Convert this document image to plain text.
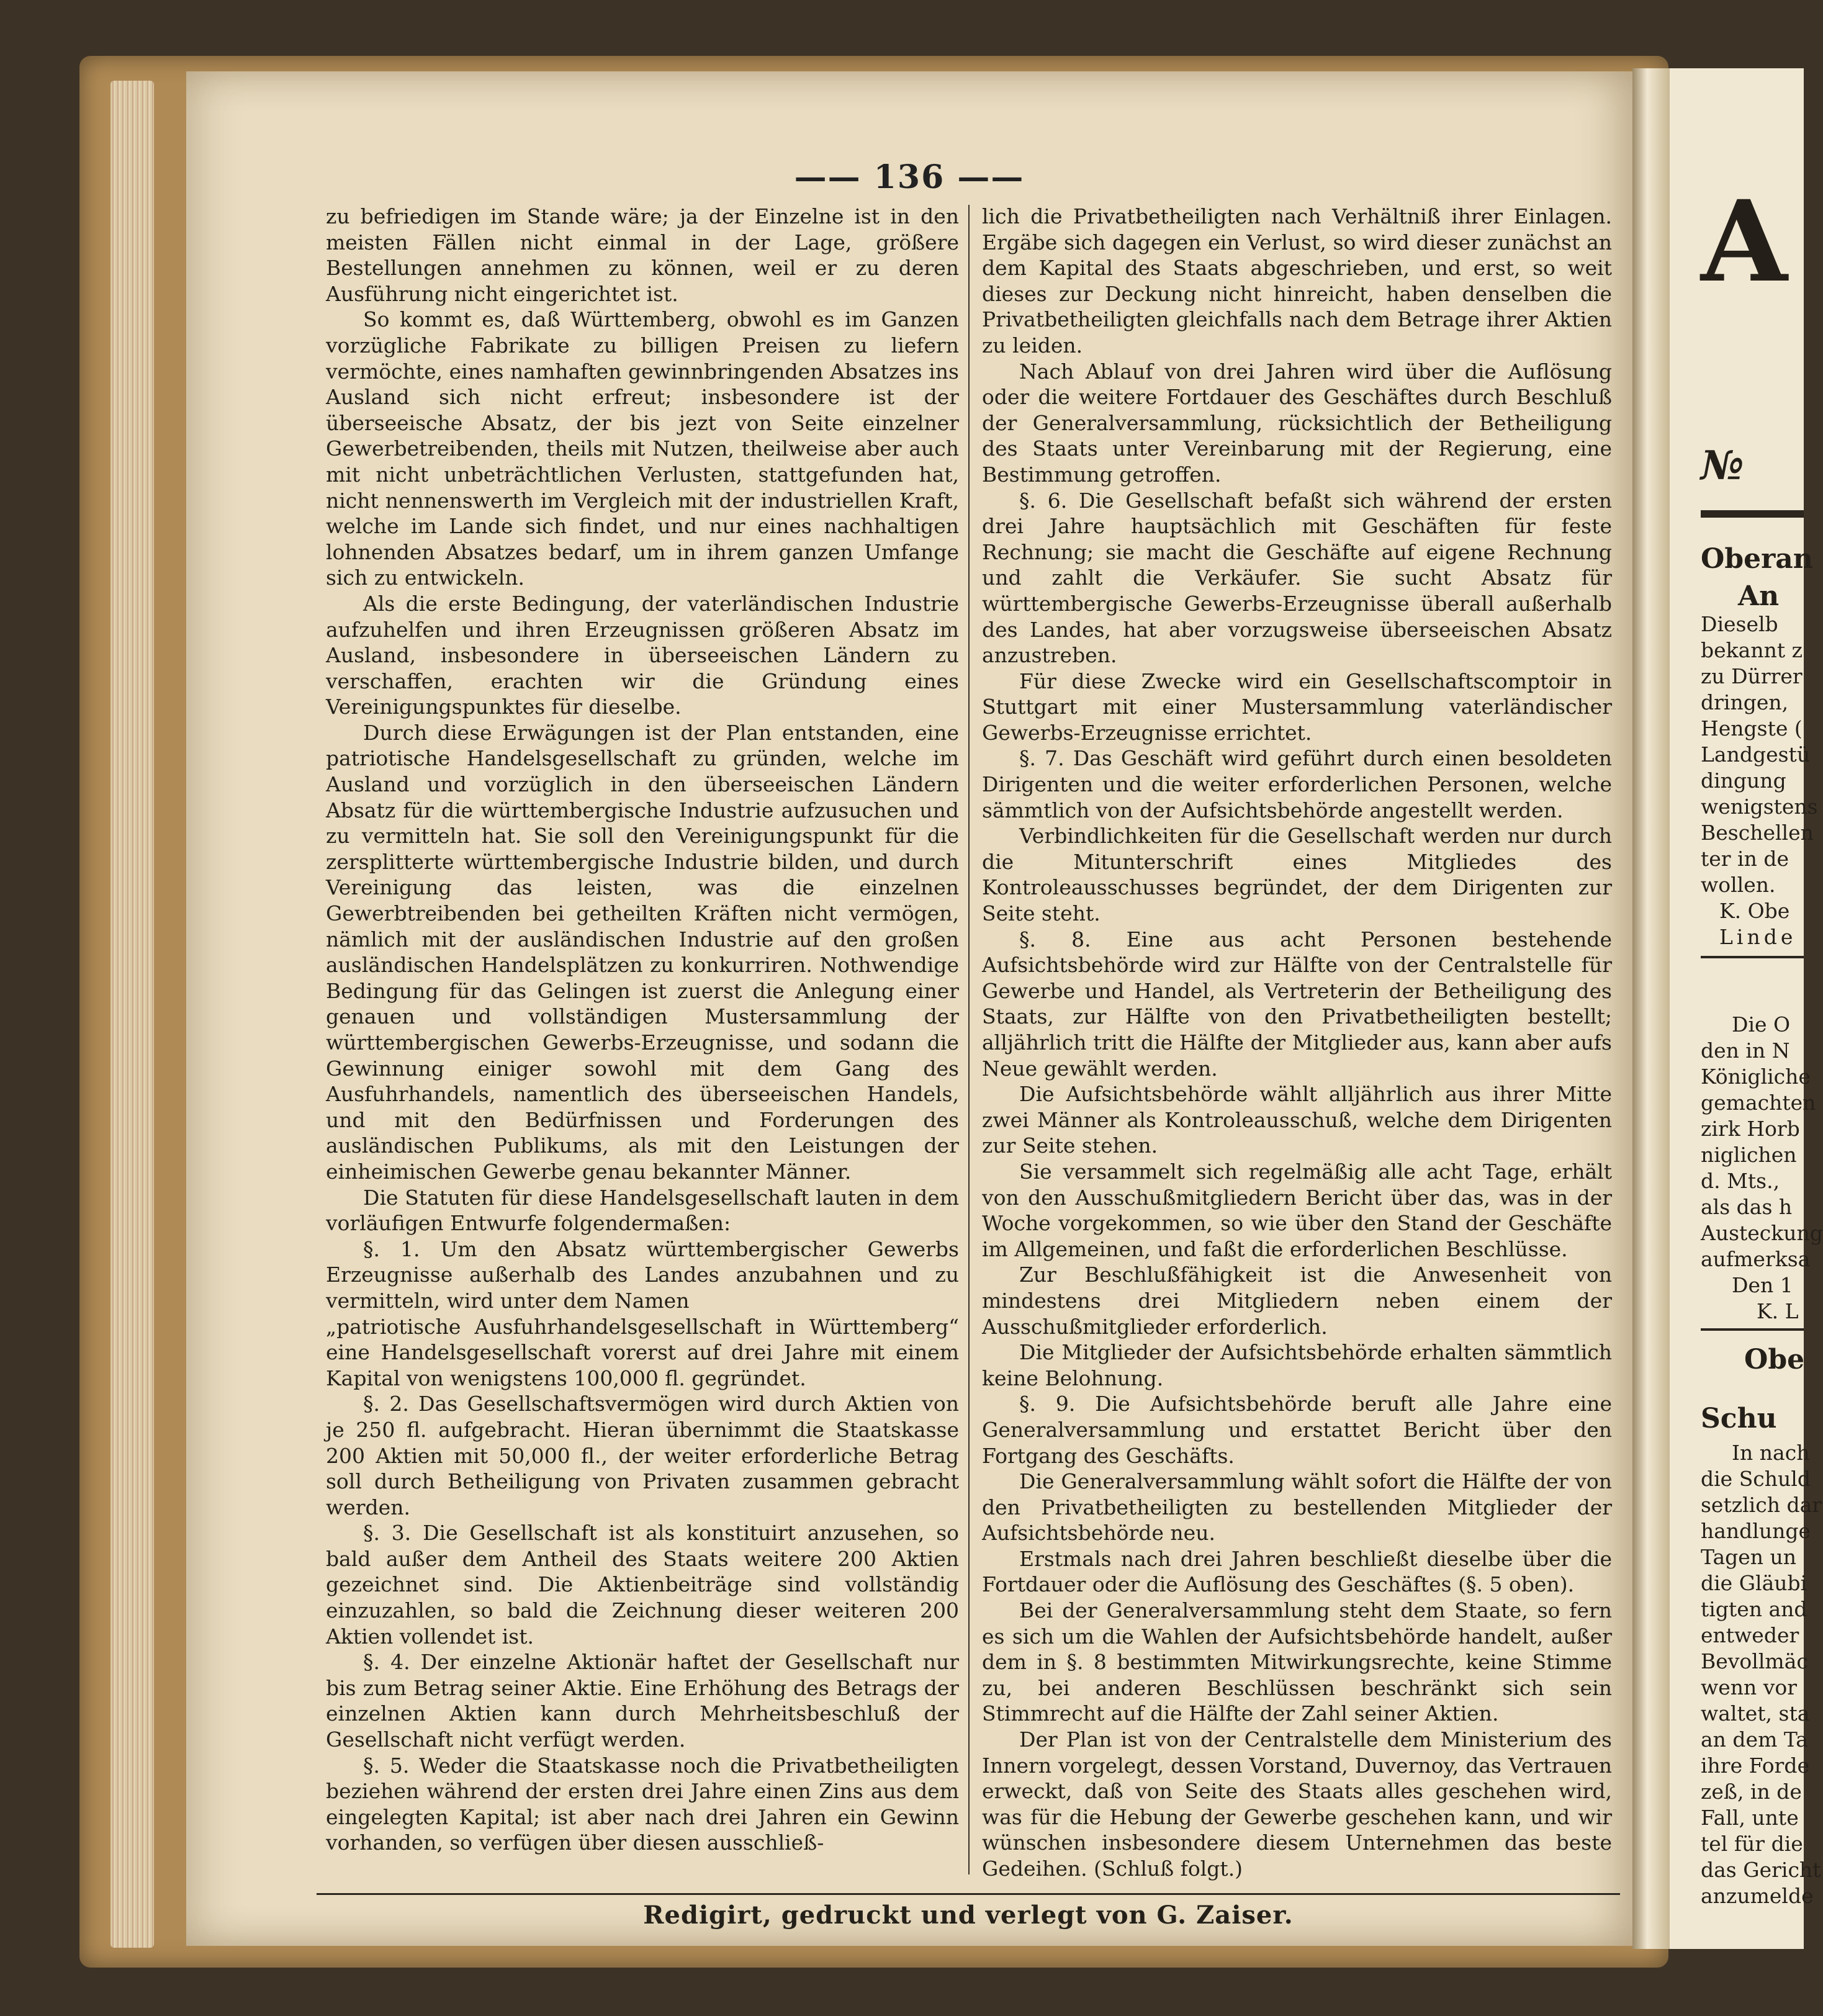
—— 136 ——

zu befriedigen im Stande wäre; ja der Einzelne ist in den meisten Fällen nicht einmal in der Lage, größere Bestellungen annehmen zu können, weil er zu deren Ausführung nicht eingerichtet ist.

So kommt es, daß Württemberg, obwohl es im Ganzen vorzügliche Fabrikate zu billigen Preisen zu liefern vermöchte, eines namhaften gewinnbringenden Absatzes ins Ausland sich nicht erfreut; insbesondere ist der überseeische Absatz, der bis jezt von Seite einzelner Gewerbetreibenden, theils mit Nutzen, theilweise aber auch mit nicht unbeträchtlichen Verlusten, stattgefunden hat, nicht nennenswerth im Vergleich mit der industriellen Kraft, welche im Lande sich findet, und nur eines nachhaltigen lohnenden Absatzes bedarf, um in ihrem ganzen Umfange sich zu entwickeln.

Als die erste Bedingung, der vaterländischen Industrie aufzuhelfen und ihren Erzeugnissen größeren Absatz im Ausland, insbesondere in überseeischen Ländern zu verschaffen, erachten wir die Gründung eines Vereinigungspunktes für dieselbe.

Durch diese Erwägungen ist der Plan entstanden, eine patriotische Handelsgesellschaft zu gründen, welche im Ausland und vorzüglich in den überseeischen Ländern Absatz für die württembergische Industrie aufzusuchen und zu vermitteln hat. Sie soll den Vereinigungspunkt für die zersplitterte württembergische Industrie bilden, und durch Vereinigung das leisten, was die einzelnen Gewerbtreibenden bei getheilten Kräften nicht vermögen, nämlich mit der ausländischen Industrie auf den großen ausländischen Handelsplätzen zu konkurriren. Nothwendige Bedingung für das Gelingen ist zuerst die Anlegung einer genauen und vollständigen Mustersammlung der württembergischen Gewerbs-Erzeugnisse, und sodann die Gewinnung einiger sowohl mit dem Gang des Ausfuhrhandels, namentlich des überseeischen Handels, und mit den Bedürfnissen und Forderungen des ausländischen Publikums, als mit den Leistungen der einheimischen Gewerbe genau bekannter Männer.

Die Statuten für diese Handelsgesellschaft lauten in dem vorläufigen Entwurfe folgendermaßen:

§. 1. Um den Absatz württembergischer Gewerbs Erzeugnisse außerhalb des Landes anzubahnen und zu vermitteln, wird unter dem Namen

„patriotische Ausfuhrhandelsgesellschaft in Württemberg“ eine Handelsgesellschaft vorerst auf drei Jahre mit einem Kapital von wenigstens 100,000 fl. gegründet.

§. 2. Das Gesellschaftsvermögen wird durch Aktien von je 250 fl. aufgebracht. Hieran übernimmt die Staatskasse 200 Aktien mit 50,000 fl., der weiter erforderliche Betrag soll durch Betheiligung von Privaten zusammen gebracht werden.

§. 3. Die Gesellschaft ist als konstituirt anzusehen, so bald außer dem Antheil des Staats weitere 200 Aktien gezeichnet sind. Die Aktienbeiträge sind vollständig einzuzahlen, so bald die Zeichnung dieser weiteren 200 Aktien vollendet ist.

§. 4. Der einzelne Aktionär haftet der Gesellschaft nur bis zum Betrag seiner Aktie. Eine Erhöhung des Betrags der einzelnen Aktien kann durch Mehrheitsbeschluß der Gesellschaft nicht verfügt werden.

§. 5. Weder die Staatskasse noch die Privatbetheiligten beziehen während der ersten drei Jahre einen Zins aus dem eingelegten Kapital; ist aber nach drei Jahren ein Gewinn vorhanden, so verfügen über diesen ausschließ-

lich die Privatbetheiligten nach Verhältniß ihrer Einlagen. Ergäbe sich dagegen ein Verlust, so wird dieser zunächst an dem Kapital des Staats abgeschrieben, und erst, so weit dieses zur Deckung nicht hinreicht, haben denselben die Privatbetheiligten gleichfalls nach dem Betrage ihrer Aktien zu leiden.

Nach Ablauf von drei Jahren wird über die Auflösung oder die weitere Fortdauer des Geschäftes durch Beschluß der Generalversammlung, rücksichtlich der Betheiligung des Staats unter Vereinbarung mit der Regierung, eine Bestimmung getroffen.

§. 6. Die Gesellschaft befaßt sich während der ersten drei Jahre hauptsächlich mit Geschäften für feste Rechnung; sie macht die Geschäfte auf eigene Rechnung und zahlt die Verkäufer. Sie sucht Absatz für württembergische Gewerbs-Erzeugnisse überall außerhalb des Landes, hat aber vorzugsweise überseeischen Absatz anzustreben.

Für diese Zwecke wird ein Gesellschaftscomptoir in Stuttgart mit einer Mustersammlung vaterländischer Gewerbs-Erzeugnisse errichtet.

§. 7. Das Geschäft wird geführt durch einen besoldeten Dirigenten und die weiter erforderlichen Personen, welche sämmtlich von der Aufsichtsbehörde angestellt werden.

Verbindlichkeiten für die Gesellschaft werden nur durch die Mitunterschrift eines Mitgliedes des Kontroleausschusses begründet, der dem Dirigenten zur Seite steht.

§. 8. Eine aus acht Personen bestehende Aufsichtsbehörde wird zur Hälfte von der Centralstelle für Gewerbe und Handel, als Vertreterin der Betheiligung des Staats, zur Hälfte von den Privatbetheiligten bestellt; alljährlich tritt die Hälfte der Mitglieder aus, kann aber aufs Neue gewählt werden.

Die Aufsichtsbehörde wählt alljährlich aus ihrer Mitte zwei Männer als Kontroleausschuß, welche dem Dirigenten zur Seite stehen.

Sie versammelt sich regelmäßig alle acht Tage, erhält von den Ausschußmitgliedern Bericht über das, was in der Woche vorgekommen, so wie über den Stand der Geschäfte im Allgemeinen, und faßt die erforderlichen Beschlüsse.

Zur Beschlußfähigkeit ist die Anwesenheit von mindestens drei Mitgliedern neben einem der Ausschußmitglieder erforderlich.

Die Mitglieder der Aufsichtsbehörde erhalten sämmtlich keine Belohnung.

§. 9. Die Aufsichtsbehörde beruft alle Jahre eine Generalversammlung und erstattet Bericht über den Fortgang des Geschäfts.

Die Generalversammlung wählt sofort die Hälfte der von den Privatbetheiligten zu bestellenden Mitglieder der Aufsichtsbehörde neu.

Erstmals nach drei Jahren beschließt dieselbe über die Fortdauer oder die Auflösung des Geschäftes (§. 5 oben).

Bei der Generalversammlung steht dem Staate, so fern es sich um die Wahlen der Aufsichtsbehörde handelt, außer dem in §. 8 bestimmten Mitwirkungsrechte, keine Stimme zu, bei anderen Beschlüssen beschränkt sich sein Stimmrecht auf die Hälfte der Zahl seiner Aktien.

Der Plan ist von der Centralstelle dem Ministerium des Innern vorgelegt, dessen Vorstand, Duvernoy, das Vertrauen erweckt, daß von Seite des Staats alles geschehen wird, was für die Hebung der Gewerbe geschehen kann, und wir wünschen insbesondere diesem Unternehmen das beste Gedeihen. (Schluß folgt.)

Redigirt, gedruckt und verlegt von G. Zaiser.
A
№
Oberan
An
Dieselb
bekannt z
zu Dürrer
dringen,
Hengste (
Landgestü
dingung
wenigstens
Beschellen
ter in de
wollen.
K. Obe
Linde
Die O
den in N
Königliche
gemachten
zirk Horb
niglichen
d. Mts.,
als das h
Austeckung
aufmerksa
Den 1
K. L
Obe
Schu
In nach
die Schuld
setzlich dar
handlunge
Tagen un
die Gläubi
tigten and
entweder
Bevollmäc
wenn vor
waltet, sta
an dem Ta
ihre Forde
zeß, in de
Fall, unte
tel für die
das Gericht
anzumelde
